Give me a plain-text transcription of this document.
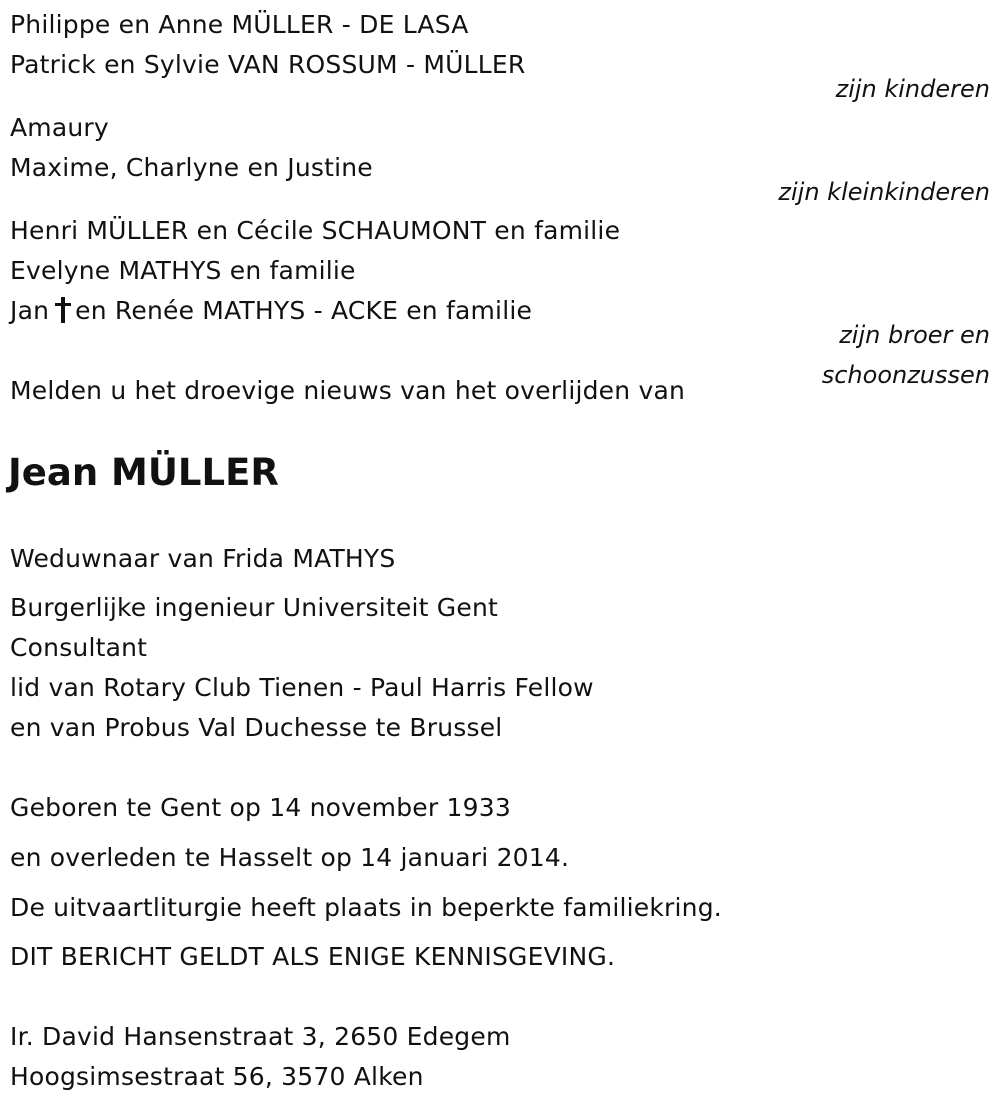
Philippe en Anne MÜLLER - DE LASA
Patrick en Sylvie VAN ROSSUM - MÜLLER
zijn kinderen
Amaury
Maxime, Charlyne en Justine
zijn kleinkinderen
Henri MÜLLER en Cécile SCHAUMONT en familie
Evelyne MATHYS en familie
Jan en Renée MATHYS - ACKE en familie
zijn broer en
schoonzussen
Melden u het droevige nieuws van het overlijden van
Jean MÜLLER
Weduwnaar van Frida MATHYS
Burgerlijke ingenieur Universiteit Gent
Consultant
lid van Rotary Club Tienen - Paul Harris Fellow
en van Probus Val Duchesse te Brussel
Geboren te Gent op 14 november 1933
en overleden te Hasselt op 14 januari 2014.
De uitvaartliturgie heeft plaats in beperkte familiekring.
DIT BERICHT GELDT ALS ENIGE KENNISGEVING.
Ir. David Hansenstraat 3, 2650 Edegem
Hoogsimsestraat 56, 3570 Alken
